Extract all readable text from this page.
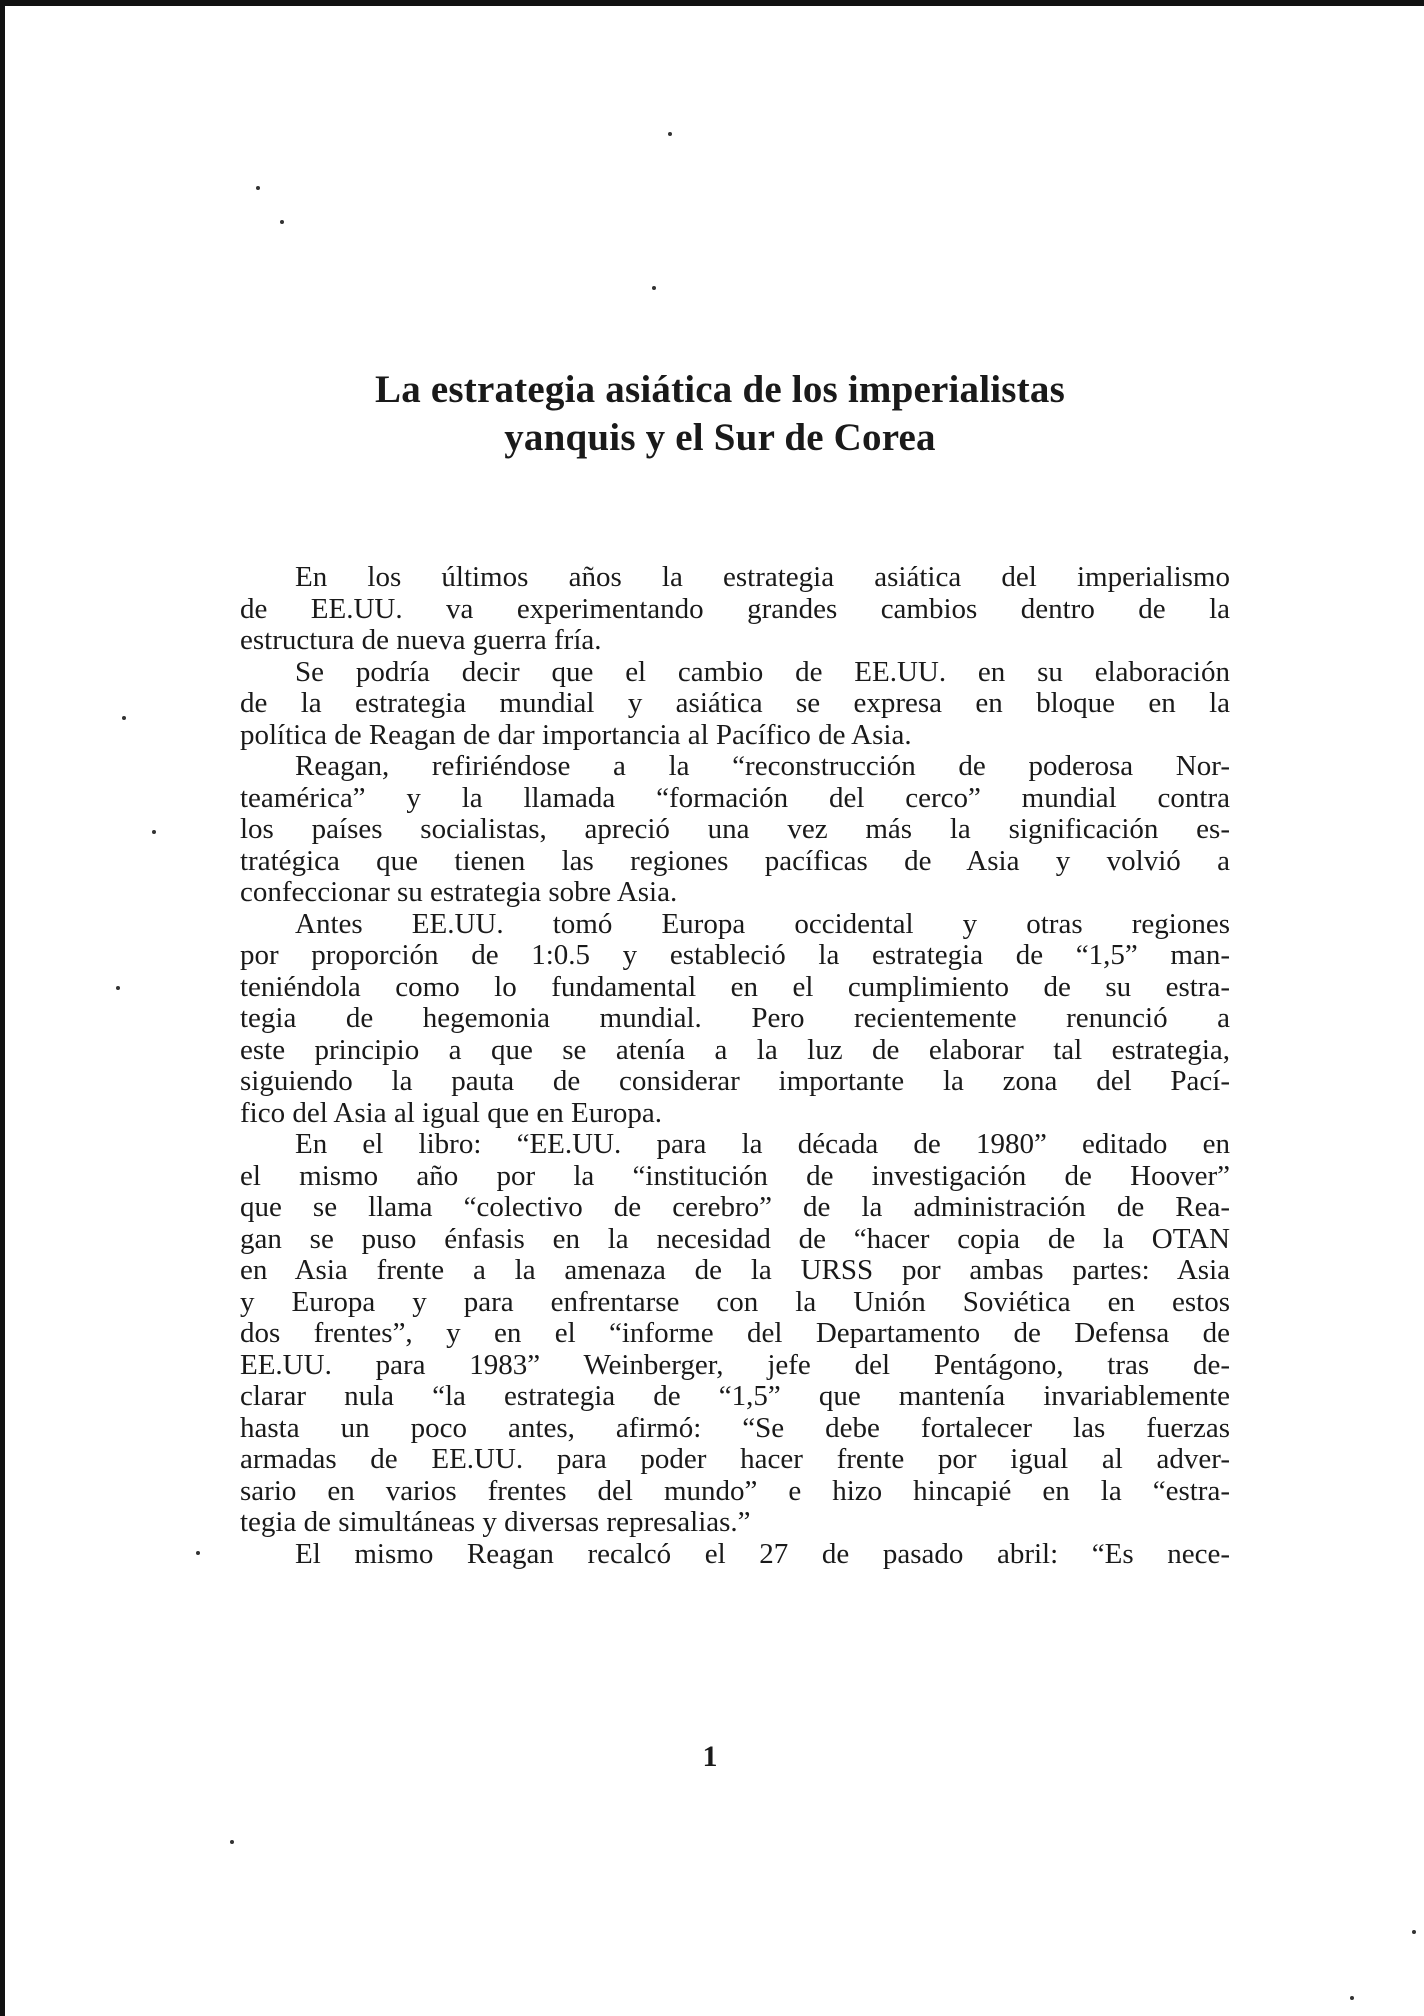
La estrategia asiática de los imperialistas
yanquis y el Sur de Corea
En los últimos años la estrategia asiática del imperialismo
de EE.UU. va experimentando grandes cambios dentro de la
estructura de nueva guerra fría.
Se podría decir que el cambio de EE.UU. en su elaboración
de la estrategia mundial y asiática se expresa en bloque en la
política de Reagan de dar importancia al Pacífico de Asia.
Reagan, refiriéndose a la “reconstrucción de poderosa Nor-
teamérica” y la llamada “formación del cerco” mundial contra
los países socialistas, apreció una vez más la significación es-
tratégica que tienen las regiones pacíficas de Asia y volvió a
confeccionar su estrategia sobre Asia.
Antes EE.UU. tomó Europa occidental y otras regiones
por proporción de 1:0.5 y estableció la estrategia de “1,5” man-
teniéndola como lo fundamental en el cumplimiento de su estra-
tegia de hegemonia mundial. Pero recientemente renunció a
este principio a que se atenía a la luz de elaborar tal estrategia,
siguiendo la pauta de considerar importante la zona del Pací-
fico del Asia al igual que en Europa.
En el libro: “EE.UU. para la década de 1980” editado en
el mismo año por la “institución de investigación de Hoover”
que se llama “colectivo de cerebro” de la administración de Rea-
gan se puso énfasis en la necesidad de “hacer copia de la OTAN
en Asia frente a la amenaza de la URSS por ambas partes: Asia
y Europa y para enfrentarse con la Unión Soviética en estos
dos frentes”, y en el “informe del Departamento de Defensa de
EE.UU. para 1983” Weinberger, jefe del Pentágono, tras de-
clarar nula “la estrategia de “1,5” que mantenía invariablemente
hasta un poco antes, afirmó: “Se debe fortalecer las fuerzas
armadas de EE.UU. para poder hacer frente por igual al adver-
sario en varios frentes del mundo” e hizo hincapié en la “estra-
tegia de simultáneas y diversas represalias.”
El mismo Reagan recalcó el 27 de pasado abril: “Es nece-
1
